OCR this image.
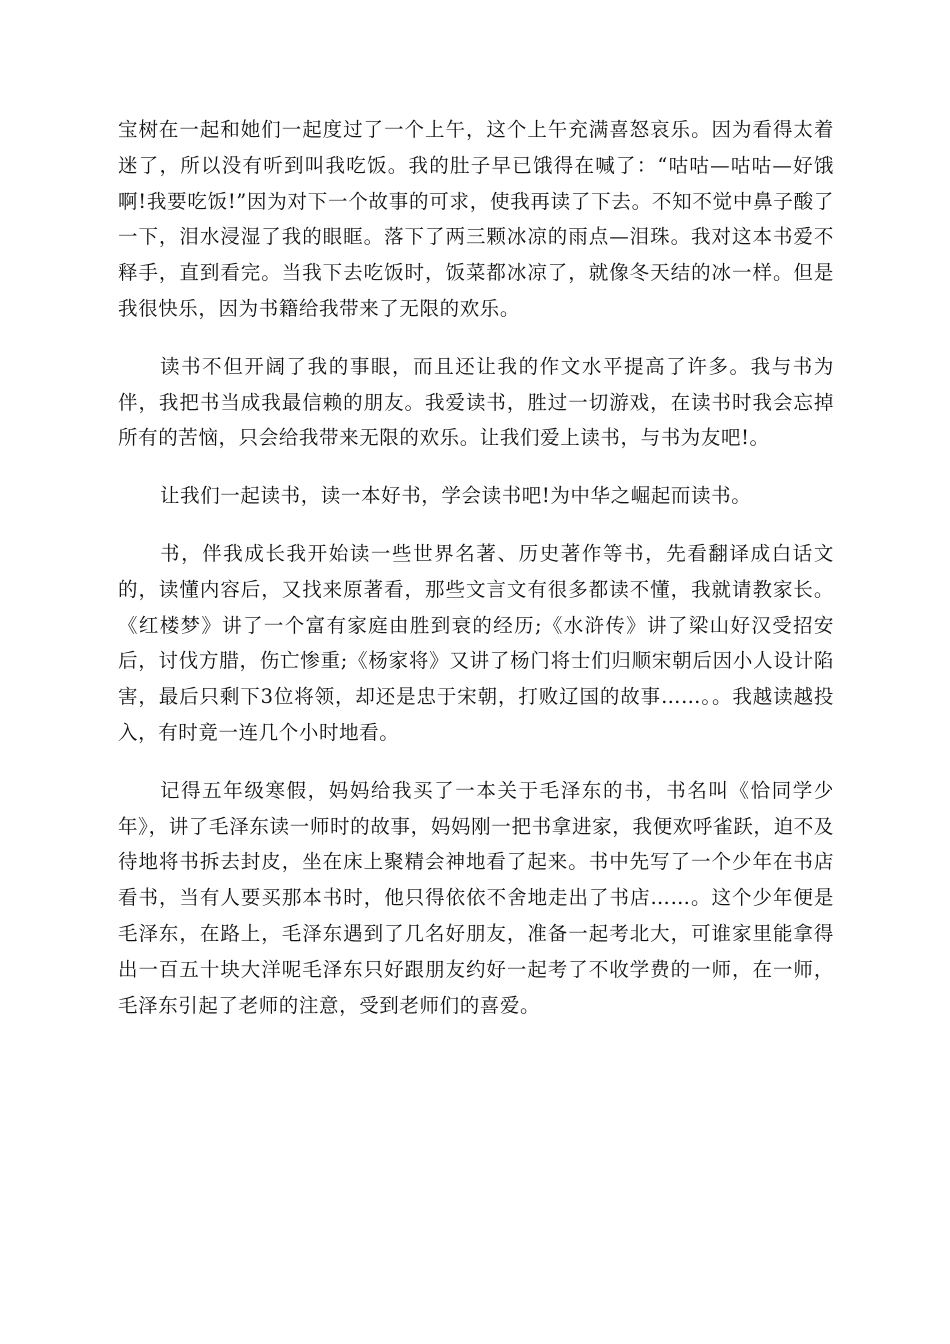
宝树在一起和她们一起度过了一个上午，这个上午充满喜怒哀乐。因为看得太着迷了，所以没有听到叫我吃饭。我的肚子早已饿得在喊了：“咕咕—咕咕—好饿啊!我要吃饭!”因为对下一个故事的可求，使我再读了下去。不知不觉中鼻子酸了一下，泪水浸湿了我的眼眶。落下了两三颗冰凉的雨点—泪珠。我对这本书爱不释手，直到看完。当我下去吃饭时，饭菜都冰凉了，就像冬天结的冰一样。但是我很快乐，因为书籍给我带来了无限的欢乐。

读书不但开阔了我的事眼，而且还让我的作文水平提高了许多。我与书为伴，我把书当成我最信赖的朋友。我爱读书，胜过一切游戏，在读书时我会忘掉所有的苦恼，只会给我带来无限的欢乐。让我们爱上读书，与书为友吧!。

让我们一起读书，读一本好书，学会读书吧!为中华之崛起而读书。

书，伴我成长我开始读一些世界名著、历史著作等书，先看翻译成白话文的，读懂内容后，又找来原著看，那些文言文有很多都读不懂，我就请教家长。《红楼梦》讲了一个富有家庭由胜到衰的经历;《水浒传》讲了梁山好汉受招安后，讨伐方腊，伤亡惨重;《杨家将》又讲了杨门将士们归顺宋朝后因小人设计陷害，最后只剩下3位将领，却还是忠于宋朝，打败辽国的故事……。。我越读越投入，有时竟一连几个小时地看。

记得五年级寒假，妈妈给我买了一本关于毛泽东的书，书名叫《恰同学少年》，讲了毛泽东读一师时的故事，妈妈刚一把书拿进家，我便欢呼雀跃，迫不及待地将书拆去封皮，坐在床上聚精会神地看了起来。书中先写了一个少年在书店看书，当有人要买那本书时，他只得依依不舍地走出了书店……。这个少年便是毛泽东，在路上，毛泽东遇到了几名好朋友，准备一起考北大，可谁家里能拿得出一百五十块大洋呢毛泽东只好跟朋友约好一起考了不收学费的一师，在一师，毛泽东引起了老师的注意，受到老师们的喜爱。
